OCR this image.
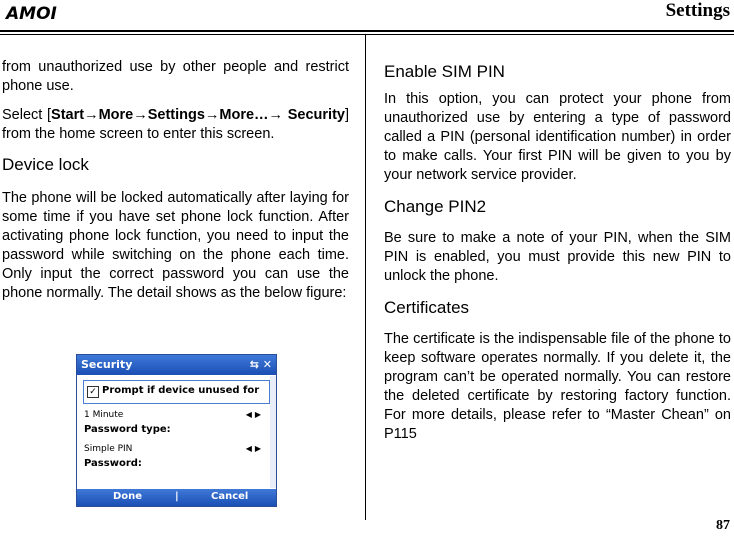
AMOI	Settings

from unauthorized use by other people and restrict phone use.

Select [Start→More→Settings→More…→ Security] from the home screen to enter this screen.

Device lock

The phone will be locked automatically after laying for some time if you have set phone lock function. After activating phone lock function, you need to input the password while switching on the phone each time. Only input the correct password you can use the phone normally. The detail shows as the below figure:

Security	⇆ ✕
✓ Prompt if device unused for
1 Minute	◀▶
Password type:
Simple PIN	◀▶
Password:
Done	|	Cancel
Enable SIM PIN

In this option, you can protect your phone from unauthorized use by entering a type of password called a PIN (personal identification number) in order to make calls. Your first PIN will be given to you by your network service provider.

Change PIN2

Be sure to make a note of your PIN, when the SIM PIN is enabled, you must provide this new PIN to unlock the phone.

Certificates

The certificate is the indispensable file of the phone to keep software operates normally. If you delete it, the program can’t be operated normally. You can restore the deleted certificate by restoring factory function. For more details, please refer to “Master Chean” on P115

87
